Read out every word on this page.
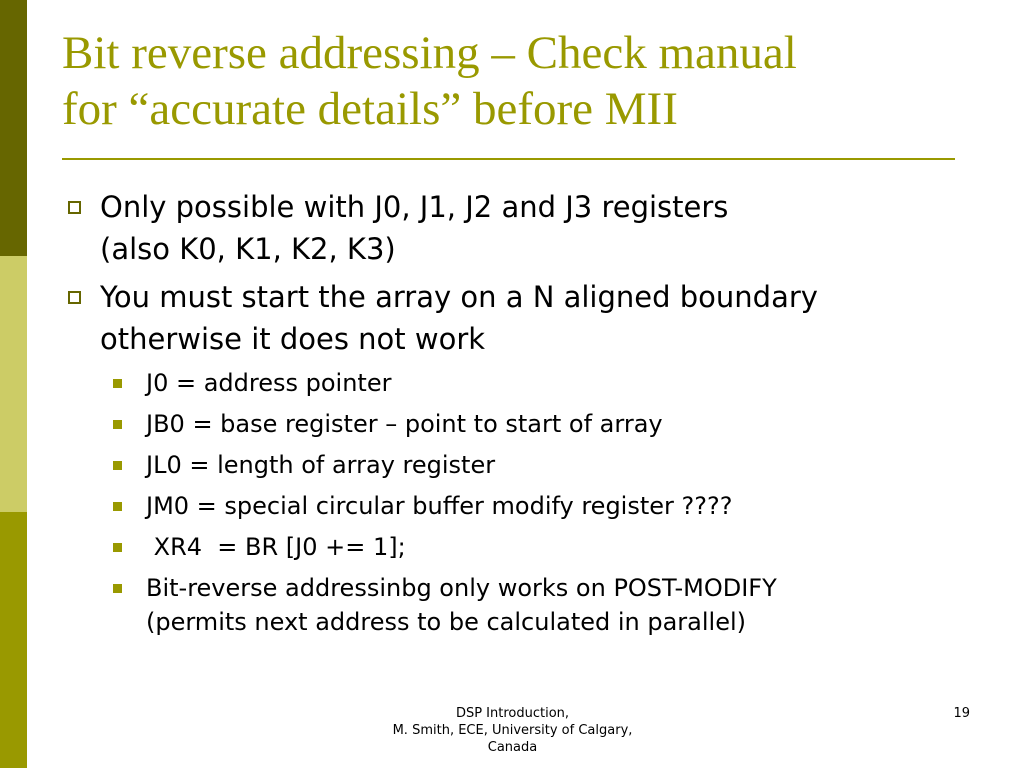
Bit reverse addressing – Check manual
for “accurate details” before MII
Only possible with J0, J1, J2 and J3 registers
(also K0, K1, K2, K3)
You must start the array on a N aligned boundary
otherwise it does not work
J0 = address pointer
JB0 = base register – point to start of array
JL0 = length of array register
JM0 = special circular buffer modify register ????
XR4  = BR [J0 += 1];
Bit-reverse addressinbg only works on POST-MODIFY
(permits next address to be calculated in parallel)
DSP Introduction,
M. Smith, ECE, University of Calgary,
Canada
19
